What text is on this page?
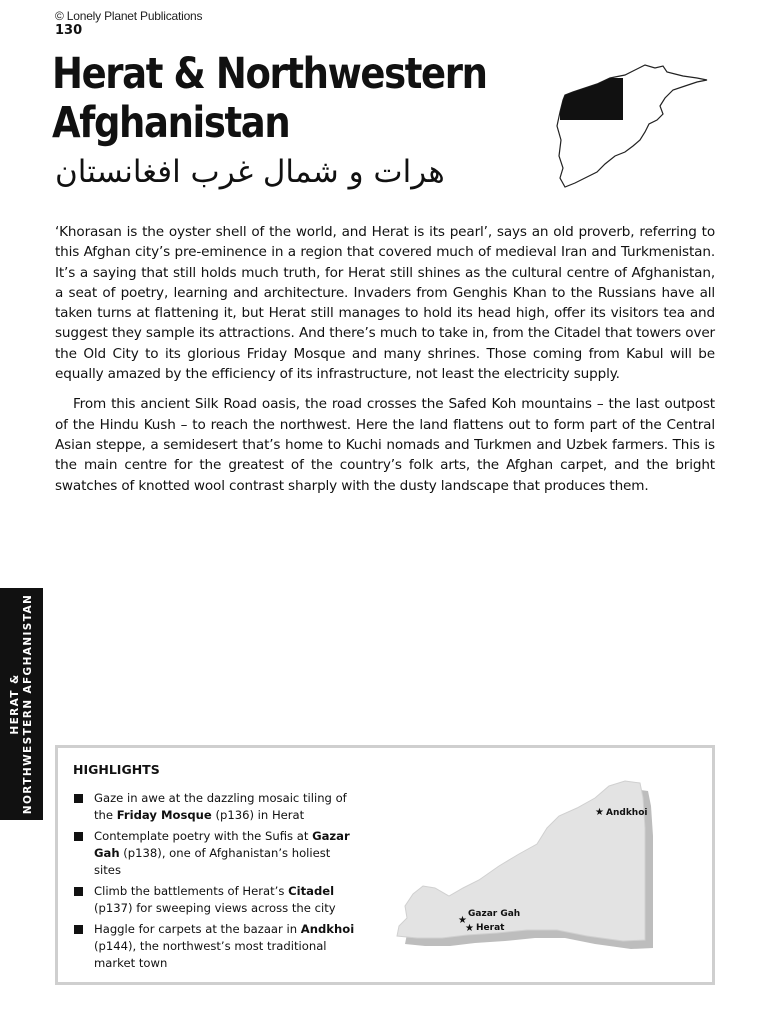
© Lonely Planet Publications
130
Herat & Northwestern
Afghanistan
هرات و شمال غرب افغانستان

‘Khorasan is the oyster shell of the world, and Herat is its pearl’, says an old proverb, referring to this Afghan city’s pre-eminence in a region that covered much of medieval Iran and Turkmenistan. It’s a saying that still holds much truth, for Herat still shines as the cultural centre of Afghanistan, a seat of poetry, learning and architecture. Invaders from Genghis Khan to the Russians have all taken turns at flattening it, but Herat still manages to hold its head high, offer its visitors tea and suggest they sample its attractions. And there’s much to take in, from the Citadel that towers over the Old City to its glorious Friday Mosque and many shrines. Those coming from Kabul will be equally amazed by the efficiency of its infrastructure, not least the electricity supply.

From this ancient Silk Road oasis, the road crosses the Safed Koh mountains – the last outpost of the Hindu Kush – to reach the northwest. Here the land flattens out to form part of the Central Asian steppe, a semidesert that’s home to Kuchi nomads and Turkmen and Uzbek farmers. This is the main centre for the greatest of the country’s folk arts, the Afghan carpet, and the bright swatches of knotted wool contrast sharply with the dusty landscape that produces them.

HERAT & NORTHWESTERN AFGHANISTAN	HIGHLIGHTS
Gaze in awe at the dazzling mosaic tiling of the Friday Mosque (p136) in Herat
Contemplate poetry with the Sufis at Gazar Gah (p138), one of Afghanistan’s holiest sites
Climb the battlements of Herat’s Citadel (p137) for sweeping views across the city
Haggle for carpets at the bazaar in Andkhoi (p144), the northwest’s most traditional market town
★ Andkhoi
★
Gazar Gah
★ Herat
